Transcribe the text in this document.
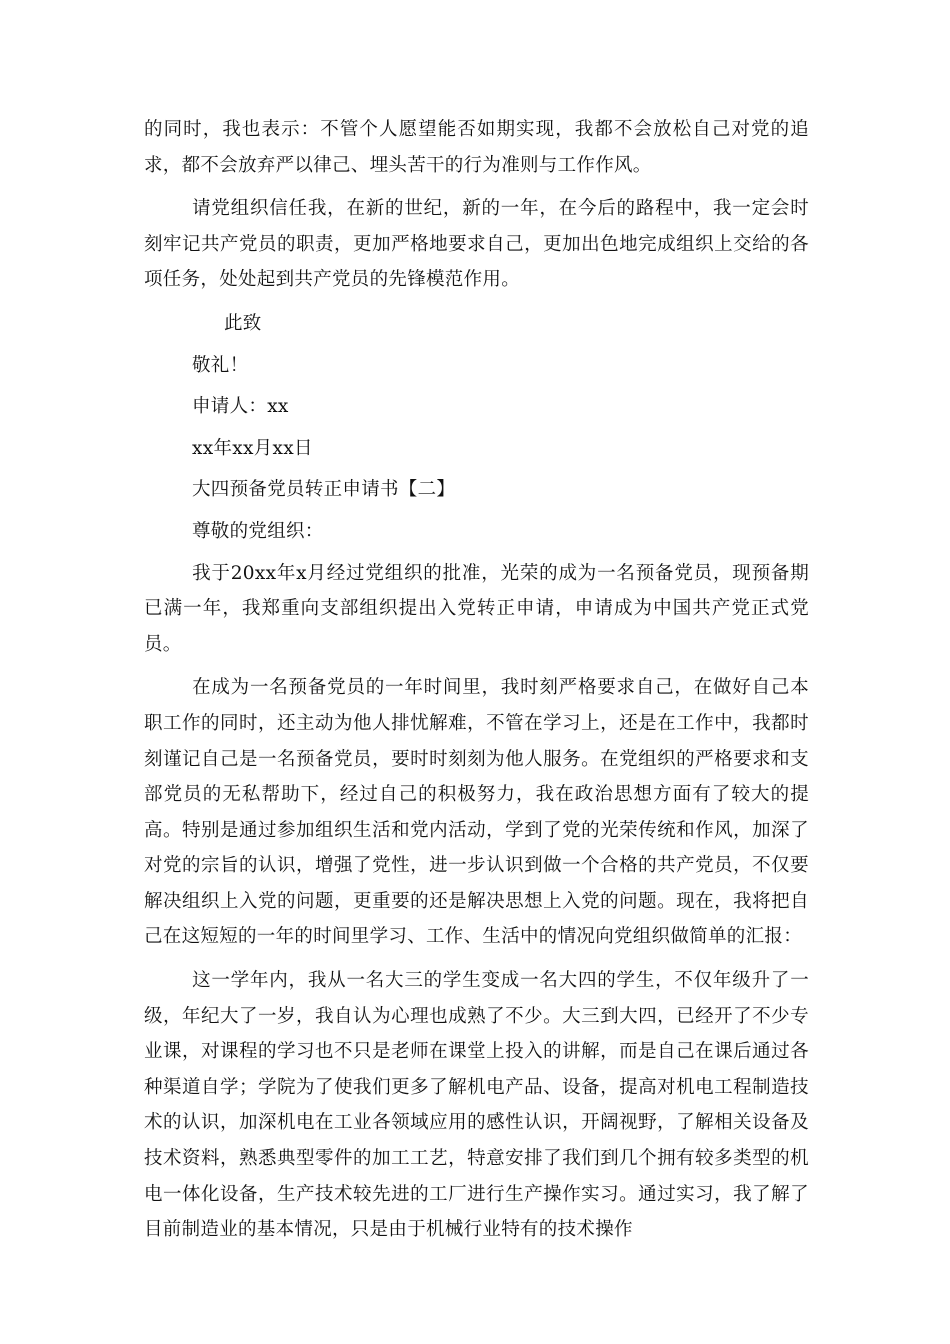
的同时，我也表示：不管个人愿望能否如期实现，我都不会放松自己对党的追求，都不会放弃严以律己、埋头苦干的行为准则与工作作风。

请党组织信任我，在新的世纪，新的一年，在今后的路程中，我一定会时刻牢记共产党员的职责，更加严格地要求自己，更加出色地完成组织上交给的各项任务，处处起到共产党员的先锋模范作用。

此致

敬礼！

申请人：xx

xx年xx月xx日

大四预备党员转正申请书【二】

尊敬的党组织：

我于20xx年x月经过党组织的批准，光荣的成为一名预备党员，现预备期已满一年，我郑重向支部组织提出入党转正申请，申请成为中国共产党正式党员。

在成为一名预备党员的一年时间里，我时刻严格要求自己，在做好自己本职工作的同时，还主动为他人排忧解难，不管在学习上，还是在工作中，我都时刻谨记自己是一名预备党员，要时时刻刻为他人服务。在党组织的严格要求和支部党员的无私帮助下，经过自己的积极努力，我在政治思想方面有了较大的提高。特别是通过参加组织生活和党内活动，学到了党的光荣传统和作风，加深了对党的宗旨的认识，增强了党性，进一步认识到做一个合格的共产党员，不仅要解决组织上入党的问题，更重要的还是解决思想上入党的问题。现在，我将把自己在这短短的一年的时间里学习、工作、生活中的情况向党组织做简单的汇报：

这一学年内，我从一名大三的学生变成一名大四的学生，不仅年级升了一级，年纪大了一岁，我自认为心理也成熟了不少。大三到大四，已经开了不少专业课，对课程的学习也不只是老师在课堂上投入的讲解，而是自己在课后通过各种渠道自学；学院为了使我们更多了解机电产品、设备，提高对机电工程制造技术的认识，加深机电在工业各领域应用的感性认识，开阔视野，了解相关设备及技术资料，熟悉典型零件的加工工艺，特意安排了我们到几个拥有较多类型的机电一体化设备，生产技术较先进的工厂进行生产操作实习。通过实习，我了解了目前制造业的基本情况，只是由于机械行业特有的技术操作
